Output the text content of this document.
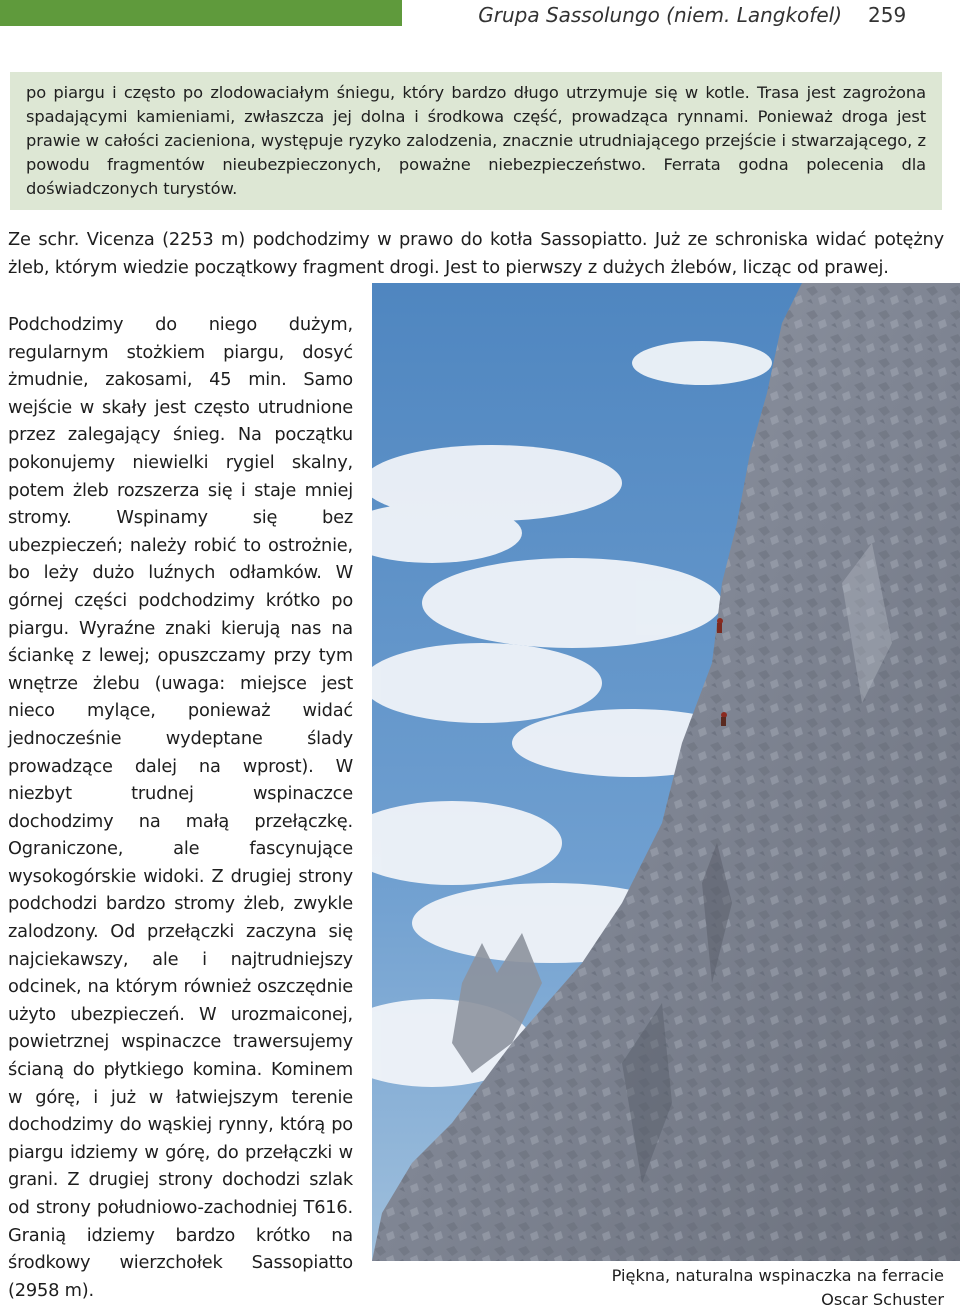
Grupa Sassolungo (niem. Langkofel)	259

po piargu i często po zlodowaciałym śniegu, który bardzo długo utrzymuje się w kotle. Trasa jest zagrożona spadającymi kamieniami, zwłaszcza jej dolna i środkowa część, prowadząca rynnami. Ponieważ droga jest prawie w całości zacieniona, występuje ryzyko zalodzenia, znacznie utrudniającego przejście i stwarzającego, z powodu fragmentów nieubezpieczonych, poważne niebezpieczeństwo. Ferrata godna polecenia dla doświadczonych turystów.

Ze schr. Vicenza (2253 m) podchodzimy w prawo do kotła Sassopiatto. Już ze schroniska widać potężny żleb, którym wiedzie początkowy fragment drogi. Jest to pierwszy z dużych żlebów, licząc od prawej.

Podchodzimy do niego dużym, regularnym stożkiem piargu, dosyć żmudnie, zakosami, 45 min. Samo wejście w skały jest często utrudnione przez zalegający śnieg. Na początku pokonujemy niewielki rygiel skalny, potem żleb rozszerza się i staje mniej stromy. Wspinamy się bez ubezpieczeń; należy robić to ostrożnie, bo leży dużo luźnych odłamków. W górnej części podchodzimy krótko po piargu. Wyraźne znaki kierują nas na ściankę z lewej; opuszczamy przy tym wnętrze żlebu (uwaga: miejsce jest nieco mylące, ponieważ widać jednocześnie wydeptane ślady prowadzące dalej na wprost). W niezbyt trudnej wspinaczce dochodzimy na małą przełączkę. Ograniczone, ale fascynujące wysokogórskie widoki. Z drugiej strony podchodzi bardzo stromy żleb, zwykle zalodzony. Od przełączki zaczyna się najciekawszy, ale i najtrudniejszy odcinek, na którym również oszczędnie użyto ubezpieczeń. W urozmaiconej, powietrznej wspinaczce trawersujemy ścianą do płytkiego komina. Kominem w górę, i już w łatwiejszym terenie dochodzimy do wąskiej rynny, którą po piargu idziemy w górę, do przełączki w grani. Z drugiej strony dochodzi szlak od strony południowo-zachodniej T616. Granią idziemy bardzo krótko na środkowy wierzchołek Sassopiatto (2958 m).

Piękna, naturalna wspinaczka na ferracie
Oscar Schuster
